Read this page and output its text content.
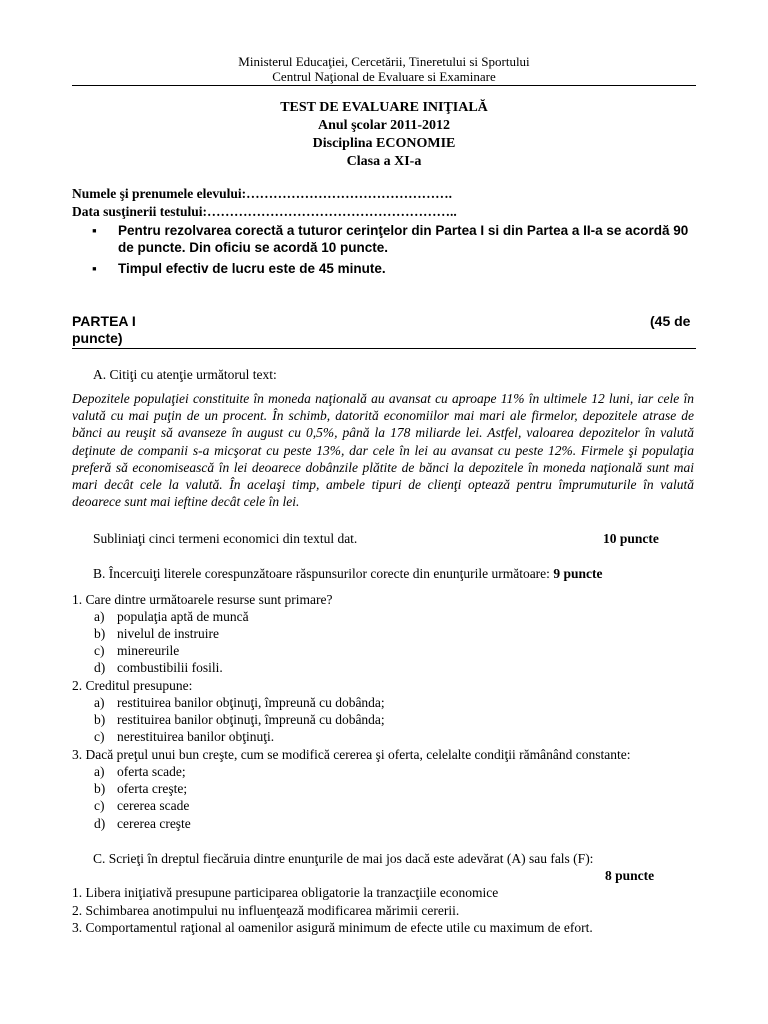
Ministerul Educaţiei, Cercetării, Tineretului si Sportului
Centrul Naţional de Evaluare si Examinare
TEST DE EVALUARE INIŢIALĂ
Anul şcolar 2011-2012
Disciplina ECONOMIE
Clasa a XI-a
Numele şi prenumele elevului:……………………………………….
Data susţinerii testului:………………………………………………..
▪ Pentru rezolvarea corectă a tuturor cerinţelor din Partea I si din Partea a II-a se acordă 90 de puncte. Din oficiu se acordă 10 puncte.
▪ Timpul efectiv de lucru este de 45 minute.
PARTEA I	(45 de
puncte)
A. Citiţi cu atenţie următorul text:
Depozitele populaţiei constituite în moneda naţională au avansat cu aproape 11% în ultimele 12 luni, iar cele în valută cu mai puţin de un procent. În schimb, datorită economiilor mai mari ale firmelor, depozitele atrase de bănci au reuşit să avanseze în august cu 0,5%, până la 178 miliarde lei. Astfel, valoarea depozitelor în valută deţinute de companii s-a micşorat cu peste 13%, dar cele în lei au avansat cu peste 12%. Firmele şi populaţia preferă să economisească în lei deoarece dobânzile plătite de bănci la depozitele în moneda naţională sunt mai mari decât cele la valută. În acelaşi timp, ambele tipuri de clienţi optează pentru împrumuturile în valută deoarece sunt mai ieftine decât cele în lei.
Subliniaţi cinci termeni economici din textul dat.	10 puncte
B. Încercuiţi literele corespunzătoare răspunsurilor corecte din enunţurile următoare: 9 puncte
1. Care dintre următoarele resurse sunt primare?
a) populaţia aptă de muncă
b) nivelul de instruire
c) minereurile
d) combustibilii fosili.
2. Creditul presupune:
a) restituirea banilor obţinuţi, împreună cu dobânda;
b) restituirea banilor obţinuţi, împreună cu dobânda;
c) nerestituirea banilor obţinuţi.
3. Dacă preţul unui bun creşte, cum se modifică cererea şi oferta, celelalte condiţii rămânând constante:
a) oferta scade;
b) oferta creşte;
c) cererea scade
d) cererea creşte
C. Scrieţi în dreptul fiecăruia dintre enunţurile de mai jos dacă este adevărat (A) sau fals (F):
8 puncte
1. Libera iniţiativă presupune participarea obligatorie la tranzacţiile economice
2. Schimbarea anotimpului nu influenţează modificarea mărimii cererii.
3. Comportamentul raţional al oamenilor asigură minimum de efecte utile cu maximum de efort.
